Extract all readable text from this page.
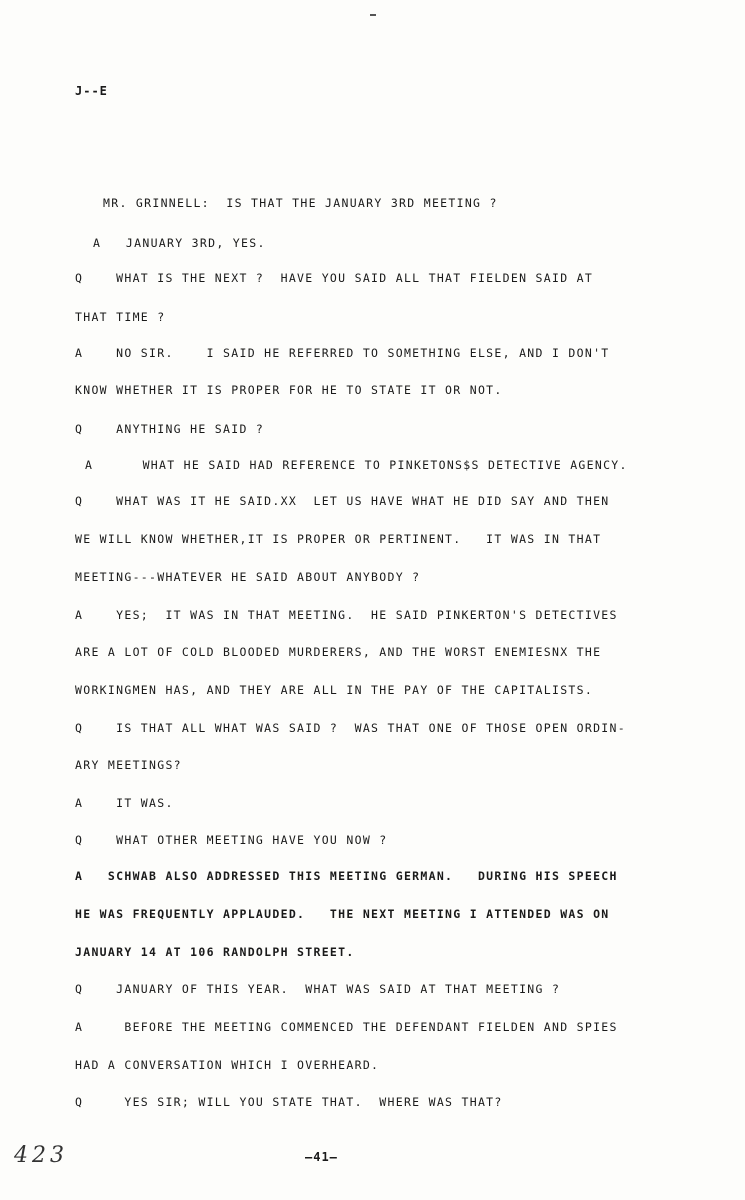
J--E
MR. GRINNELL:  IS THAT THE JANUARY 3RD MEETING ?
A   JANUARY 3RD, YES.
Q    WHAT IS THE NEXT ?  HAVE YOU SAID ALL THAT FIELDEN SAID AT
THAT TIME ?
A    NO SIR.    I SAID HE REFERRED TO SOMETHING ELSE, AND I DON'T
KNOW WHETHER IT IS PROPER FOR HE TO STATE IT OR NOT.
Q    ANYTHING HE SAID ?
A      WHAT HE SAID HAD REFERENCE TO PINKETONS$S DETECTIVE AGENCY.
Q    WHAT WAS IT HE SAID.XX  LET US HAVE WHAT HE DID SAY AND THEN
WE WILL KNOW WHETHER,IT IS PROPER OR PERTINENT.   IT WAS IN THAT
MEETING---WHATEVER HE SAID ABOUT ANYBODY ?
A    YES;  IT WAS IN THAT MEETING.  HE SAID PINKERTON'S DETECTIVES
ARE A LOT OF COLD BLOODED MURDERERS, AND THE WORST ENEMIESNX THE
WORKINGMEN HAS, AND THEY ARE ALL IN THE PAY OF THE CAPITALISTS.
Q    IS THAT ALL WHAT WAS SAID ?  WAS THAT ONE OF THOSE OPEN ORDIN-
ARY MEETINGS?
A    IT WAS.
Q    WHAT OTHER MEETING HAVE YOU NOW ?
A   SCHWAB ALSO ADDRESSED THIS MEETING GERMAN.   DURING HIS SPEECH
HE WAS FREQUENTLY APPLAUDED.   THE NEXT MEETING I ATTENDED WAS ON
JANUARY 14 AT 106 RANDOLPH STREET.
Q    JANUARY OF THIS YEAR.  WHAT WAS SAID AT THAT MEETING ?
A     BEFORE THE MEETING COMMENCED THE DEFENDANT FIELDEN AND SPIES
HAD A CONVERSATION WHICH I OVERHEARD.
Q     YES SIR; WILL YOU STATE THAT.  WHERE WAS THAT?
423	—41—
